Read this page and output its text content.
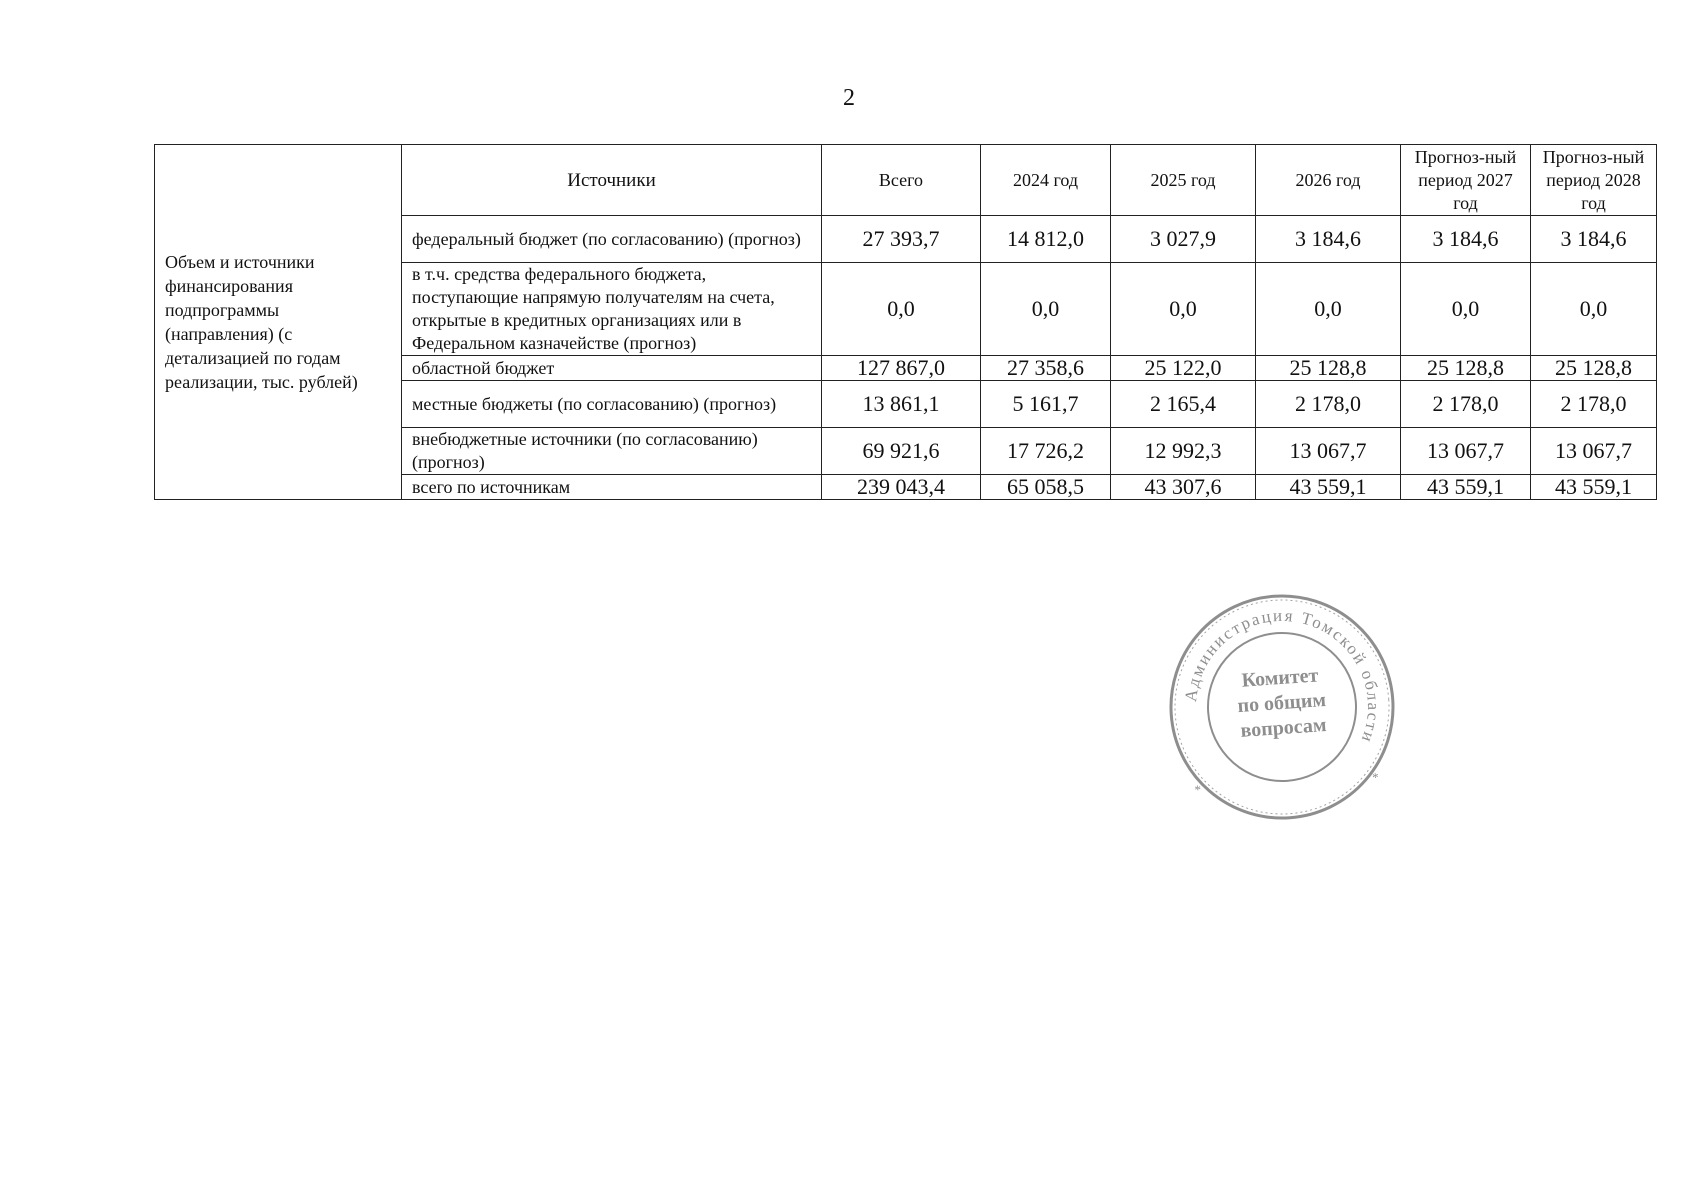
2
Объем и источники финансирования подпрограммы (направления) (с детализацией по годам реализации, тыс. рублей)	Источники	Всего	2024 год	2025 год	2026 год	Прогноз-ный период 2027 год	Прогноз-ный период 2028 год
	федеральный бюджет (по согласованию) (прогноз)	27 393,7	14 812,0	3 027,9	3 184,6	3 184,6	3 184,6
	в т.ч. средства федерального бюджета, поступающие напрямую получателям на счета, открытые в кредитных организациях или в Федеральном казначействе (прогноз)	0,0	0,0	0,0	0,0	0,0	0,0
	областной бюджет	127 867,0	27 358,6	25 122,0	25 128,8	25 128,8	25 128,8
	местные бюджеты (по согласованию) (прогноз)	13 861,1	5 161,7	2 165,4	2 178,0	2 178,0	2 178,0
	внебюджетные источники (по согласованию) (прогноз)	69 921,6	17 726,2	12 992,3	13 067,7	13 067,7	13 067,7
	всего по источникам	239 043,4	65 058,5	43 307,6	43 559,1	43 559,1	43 559,1
Администрация Томской области
*
*
Комитет
по общим
вопросам
